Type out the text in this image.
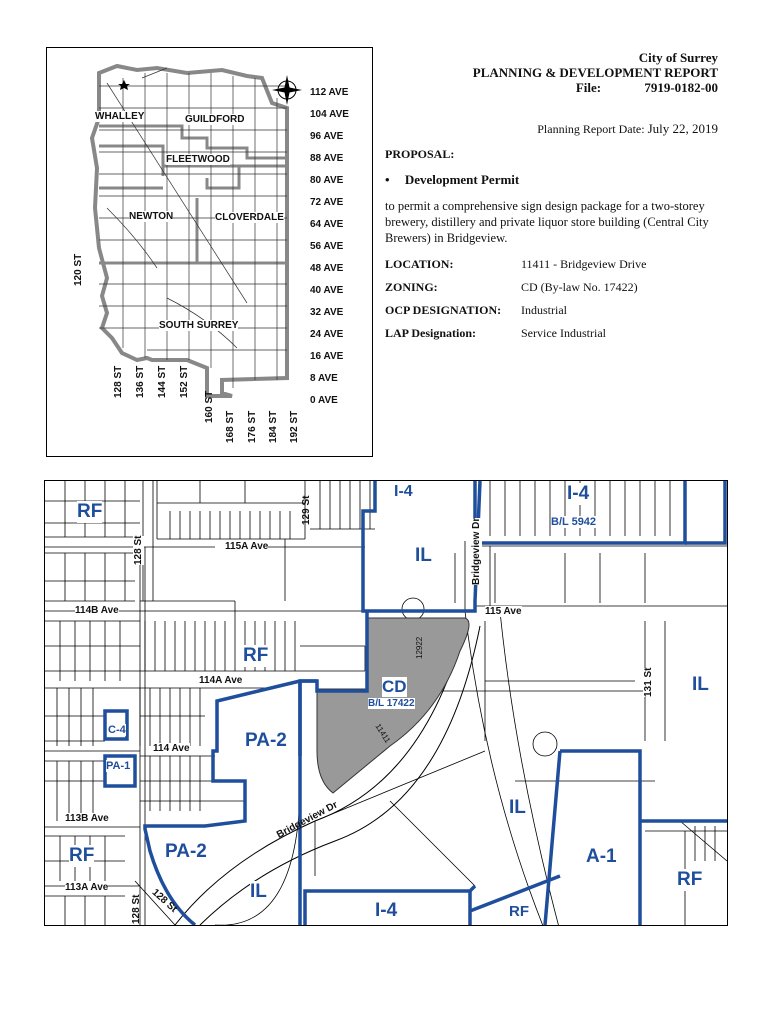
WHALLEY	GUILDFORD
FLEETWOOD
NEWTON	CLOVERDALE
SOUTH SURREY
112 AVE
104 AVE
96 AVE
88 AVE
80 AVE
72 AVE
64 AVE
56 AVE
48 AVE
40 AVE
32 AVE
24 AVE
16 AVE
8 AVE
0 AVE
120 ST
128 ST 136 ST 144 ST 152 ST
160 ST
168 ST 176 ST 184 ST 192 ST
City of Surrey
PLANNING & DEVELOPMENT REPORT
File:	7919-0182-00
Planning Report Date: July 22, 2019
PROPOSAL:
• Development Permit
to permit a comprehensive sign design package for a two-storey brewery, distillery and private liquor store building (Central City Brewers) in Bridgeview.
LOCATION:	11411 - Bridgeview Drive
ZONING:	CD (By-law No. 17422)
OCP DESIGNATION:	Industrial
LAP Designation:	Service Industrial
RF
I-4	I-4
B/L 5942
IL
RF
CD
B/L 17422
IL
C-4
PA-1
PA-2
IL
RF	PA-2	A-1
RF
IL
I-4	RF
129 St
128 St	115A Ave	Bridgeview Dr
114B Ave	115 Ave
131 St
114A Ave
114 Ave
113B Ave	Bridgeview Dr
113A Ave	128 St
128 St
12922
11411
